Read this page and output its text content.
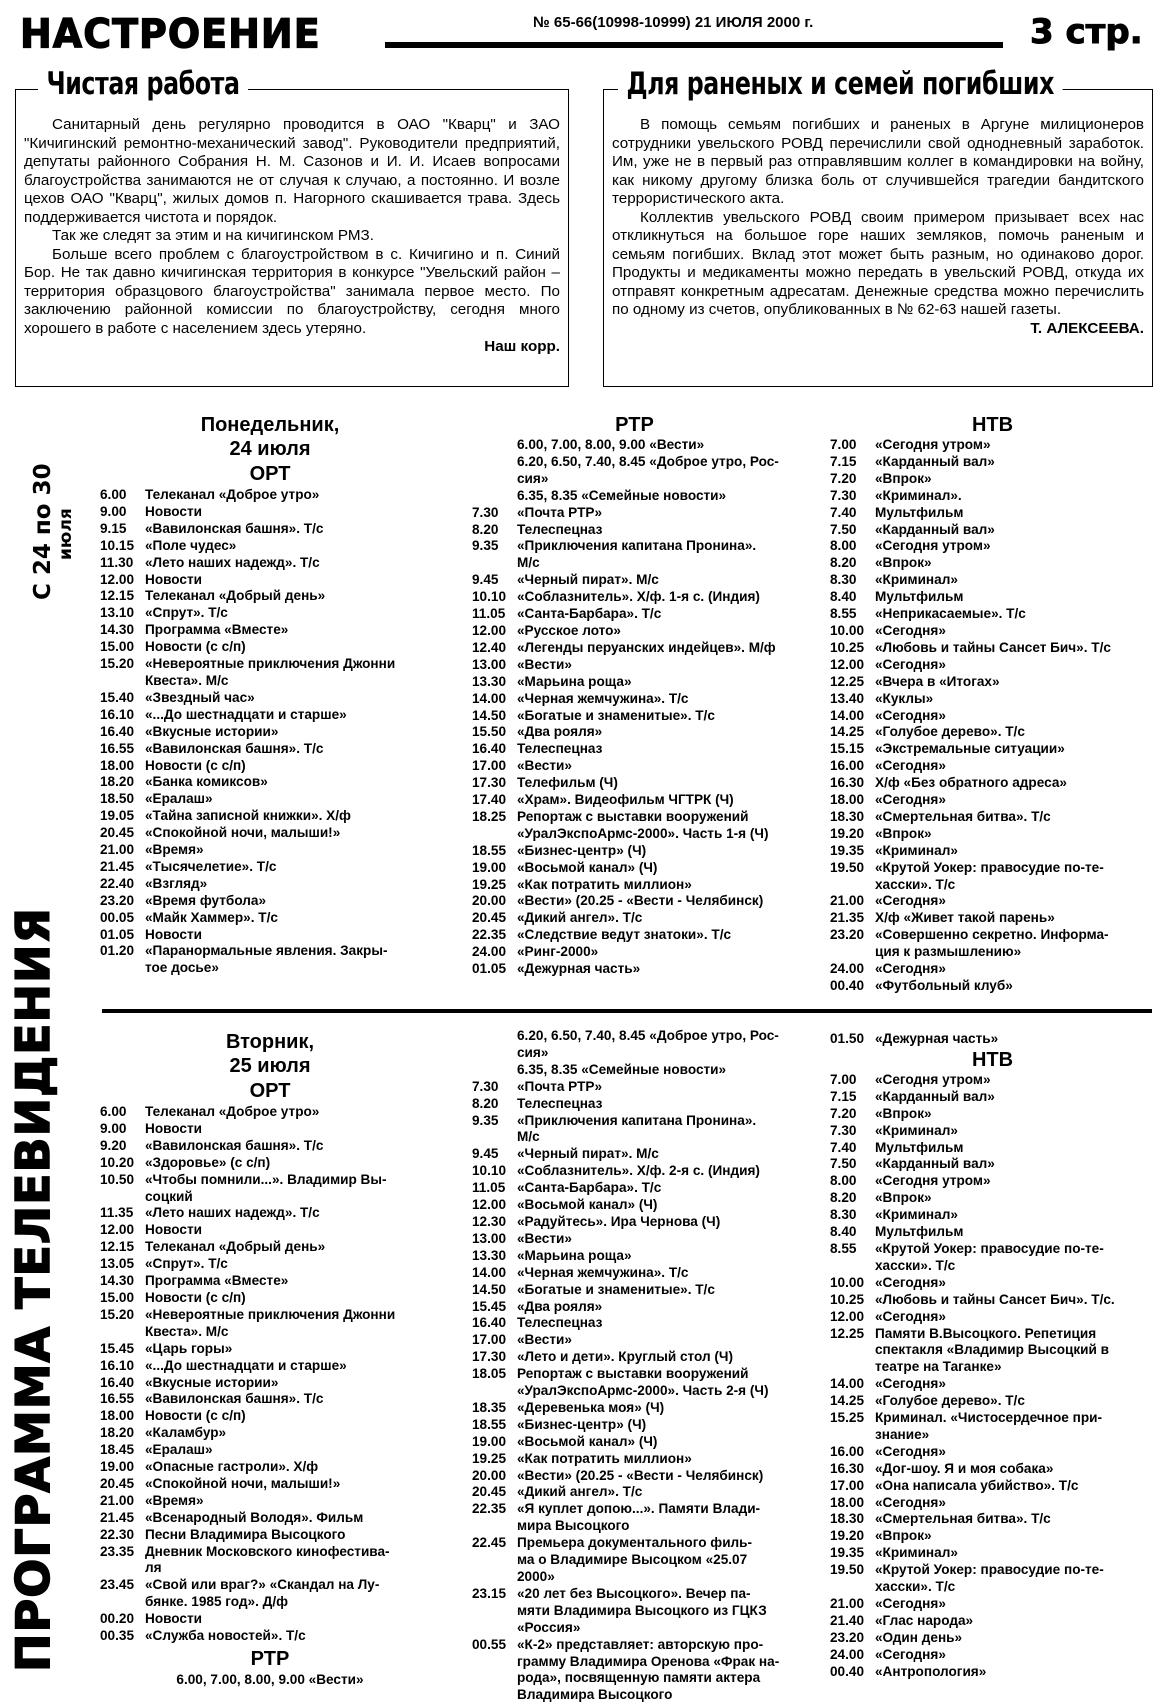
НАСТРОЕНИЕ	№ 65-66(10998-10999) 21 ИЮЛЯ 2000 г.	3 стр.
Чистая работа

Санитарный день регулярно проводится в ОАО "Кварц" и ЗАО "Кичигинский ремонтно-механический завод". Руководители предприятий, депутаты районного Собрания Н. М. Сазонов и И. И. Исаев вопросами благоустройства занимаются не от случая к случаю, а постоянно. И возле цехов ОАО "Кварц", жилых домов п. Нагорного скашивается трава. Здесь поддерживается чистота и порядок.

Так же следят за этим и на кичигинском РМЗ.

Больше всего проблем с благоустройством в с. Кичигино и п. Синий Бор. Не так давно кичигинская территория в конкурсе "Увельский район – территория образцового благоустройства" занимала первое место. По заключению районной комиссии по благоустройству, сегодня много хорошего в работе с населением здесь утеряно.

Наш корр.
Для раненых и семей погибших

В помощь семьям погибших и раненых в Аргуне милиционеров сотрудники увельского РОВД перечислили свой однодневный заработок. Им, уже не в первый раз отправлявшим коллег в командировки на войну, как никому другому близка боль от случившейся трагедии бандитского террористического акта.

Коллектив увельского РОВД своим примером призывает всех нас откликнуться на большое горе наших земляков, помочь раненым и семьям погибших. Вклад этот может быть разным, но одинаково дорог. Продукты и медикаменты можно передать в увельский РОВД, откуда их отправят конкретным адресатам. Денежные средства можно перечислить по одному из счетов, опубликованных в № 62-63 нашей газеты.

Т. АЛЕКСЕЕВА.
ПРОГРАММА ТЕЛЕВИДЕНИЯ
С 24 по 30 июля
Понедельник,
24 июля
ОРТ
6.00	Телеканал «Доброе утро»
9.00	Новости
9.15	«Вавилонская башня». Т/с
10.15 «Поле чудес»
11.30 «Лето наших надежд». Т/с
12.00 Новости
12.15 Телеканал «Добрый день»
13.10 «Спрут». Т/с
14.30 Программа «Вместе»
15.00 Новости (с с/п)
15.20 «Невероятные приключения Джонни
Квеста». М/с
15.40 «Звездный час»
16.10 «...До шестнадцати и старше»
16.40 «Вкусные истории»
16.55 «Вавилонская башня». Т/с
18.00 Новости (с с/п)
18.20 «Банка комиксов»
18.50 «Ералаш»
19.05 «Тайна записной книжки». Х/ф
20.45 «Спокойной ночи, малыши!»
21.00 «Время»
21.45 «Тысячелетие». Т/с
22.40 «Взгляд»
23.20 «Время футбола»
00.05 «Майк Хаммер». Т/с
01.05 Новости
01.20 «Паранормальные явления. Закры-
тое досье»
РТР
6.00, 7.00, 8.00, 9.00 «Вести»
6.20, 6.50, 7.40, 8.45 «Доброе утро, Рос-
сия»
6.35, 8.35 «Семейные новости»
7.30	«Почта РТР»
8.20	Телеспецназ
9.35	«Приключения капитана Пронина».
М/с
9.45	«Черный пират». М/с
10.10 «Соблазнитель». Х/ф. 1-я с. (Индия)
11.05 «Санта-Барбара». Т/с
12.00 «Русское лото»
12.40 «Легенды перуанских индейцев». М/ф
13.00 «Вести»
13.30 «Марьина роща»
14.00 «Черная жемчужина». Т/с
14.50 «Богатые и знаменитые». Т/с
15.50 «Два рояля»
16.40 Телеспецназ
17.00 «Вести»
17.30 Телефильм (Ч)
17.40 «Храм». Видеофильм ЧГТРК (Ч)
18.25 Репортаж с выставки вооружений
«УралЭкспоАрмс-2000». Часть 1-я (Ч)
18.55 «Бизнес-центр» (Ч)
19.00 «Восьмой канал» (Ч)
19.25 «Как потратить миллион»
20.00 «Вести» (20.25 - «Вести - Челябинск)
20.45 «Дикий ангел». Т/с
22.35 «Следствие ведут знатоки». Т/с
24.00 «Ринг-2000»
01.05 «Дежурная часть»
НТВ
7.00	«Сегодня утром»
7.15	«Карданный вал»
7.20	«Впрок»
7.30	«Криминал».
7.40	Мультфильм
7.50	«Карданный вал»
8.00	«Сегодня утром»
8.20	«Впрок»
8.30	«Криминал»
8.40	Мультфильм
8.55	«Неприкасаемые». Т/с
10.00 «Сегодня»
10.25 «Любовь и тайны Сансет Бич». Т/с
12.00 «Сегодня»
12.25 «Вчера в «Итогах»
13.40 «Куклы»
14.00 «Сегодня»
14.25 «Голубое дерево». Т/с
15.15 «Экстремальные ситуации»
16.00 «Сегодня»
16.30 Х/ф «Без обратного адреса»
18.00 «Сегодня»
18.30 «Смертельная битва». Т/с
19.20 «Впрок»
19.35 «Криминал»
19.50 «Крутой Уокер: правосудие по-те-
хасски». Т/с
21.00 «Сегодня»
21.35 Х/ф «Живет такой парень»
23.20 «Совершенно секретно. Информа-
ция к размышлению»
24.00 «Сегодня»
00.40 «Футбольный клуб»
Вторник,
25 июля
ОРТ
6.00	Телеканал «Доброе утро»
9.00	Новости
9.20	«Вавилонская башня». Т/с
10.20 «Здоровье» (с с/п)
10.50 «Чтобы помнили...». Владимир Вы-
соцкий
11.35 «Лето наших надежд». Т/с
12.00 Новости
12.15 Телеканал «Добрый день»
13.05 «Спрут». Т/с
14.30 Программа «Вместе»
15.00 Новости (с с/п)
15.20 «Невероятные приключения Джонни
Квеста». М/с
15.45 «Царь горы»
16.10 «...До шестнадцати и старше»
16.40 «Вкусные истории»
16.55 «Вавилонская башня». Т/с
18.00 Новости (с с/п)
18.20 «Каламбур»
18.45 «Ералаш»
19.00 «Опасные гастроли». Х/ф
20.45 «Спокойной ночи, малыши!»
21.00 «Время»
21.45 «Всенародный Володя». Фильм
22.30 Песни Владимира Высоцкого
23.35 Дневник Московского кинофестива-
ля
23.45 «Свой или враг?» «Скандал на Лу-
бянке. 1985 год». Д/ф
00.20 Новости
00.35 «Служба новостей». Т/с
РТР
6.00, 7.00, 8.00, 9.00 «Вести»
6.20, 6.50, 7.40, 8.45 «Доброе утро, Рос-
сия»
6.35, 8.35 «Семейные новости»
7.30	«Почта РТР»
8.20	Телеспецназ
9.35	«Приключения капитана Пронина».
М/с
9.45	«Черный пират». М/с
10.10 «Соблазнитель». Х/ф. 2-я с. (Индия)
11.05 «Санта-Барбара». Т/с
12.00 «Восьмой канал» (Ч)
12.30 «Радуйтесь». Ира Чернова (Ч)
13.00 «Вести»
13.30 «Марьина роща»
14.00 «Черная жемчужина». Т/с
14.50 «Богатые и знаменитые». Т/с
15.45 «Два рояля»
16.40 Телеспецназ
17.00 «Вести»
17.30 «Лето и дети». Круглый стол (Ч)
18.05 Репортаж с выставки вооружений
«УралЭкспоАрмс-2000». Часть 2-я (Ч)
18.35 «Деревенька моя» (Ч)
18.55 «Бизнес-центр» (Ч)
19.00 «Восьмой канал» (Ч)
19.25 «Как потратить миллион»
20.00 «Вести» (20.25 - «Вести - Челябинск)
20.45 «Дикий ангел». Т/с
22.35 «Я куплет допою...». Памяти Влади-
мира Высоцкого
22.45 Премьера документального филь-
ма о Владимире Высоцком «25.07
2000»
23.15 «20 лет без Высоцкого». Вечер па-
мяти Владимира Высоцкого из ГЦКЗ
«Россия»
00.55 «К-2» представляет: авторскую про-
грамму Владимира Оренова «Фрак на-
рода», посвященную памяти актера
Владимира Высоцкого
01.50 «Дежурная часть»
НТВ
7.00	«Сегодня утром»
7.15	«Карданный вал»
7.20	«Впрок»
7.30	«Криминал»
7.40	Мультфильм
7.50	«Карданный вал»
8.00	«Сегодня утром»
8.20	«Впрок»
8.30	«Криминал»
8.40	Мультфильм
8.55	«Крутой Уокер: правосудие по-те-
хасски». Т/с
10.00 «Сегодня»
10.25 «Любовь и тайны Сансет Бич». Т/с.
12.00 «Сегодня»
12.25 Памяти В.Высоцкого. Репетиция
спектакля «Владимир Высоцкий в
театре на Таганке»
14.00 «Сегодня»
14.25 «Голубое дерево». Т/с
15.25 Криминал. «Чистосердечное при-
знание»
16.00 «Сегодня»
16.30 «Дог-шоу. Я и моя собака»
17.00 «Она написала убийство». Т/с
18.00 «Сегодня»
18.30 «Смертельная битва». Т/с
19.20 «Впрок»
19.35 «Криминал»
19.50 «Крутой Уокер: правосудие по-те-
хасски». Т/с
21.00 «Сегодня»
21.40 «Глас народа»
23.20 «Один день»
24.00 «Сегодня»
00.40 «Антропология»
